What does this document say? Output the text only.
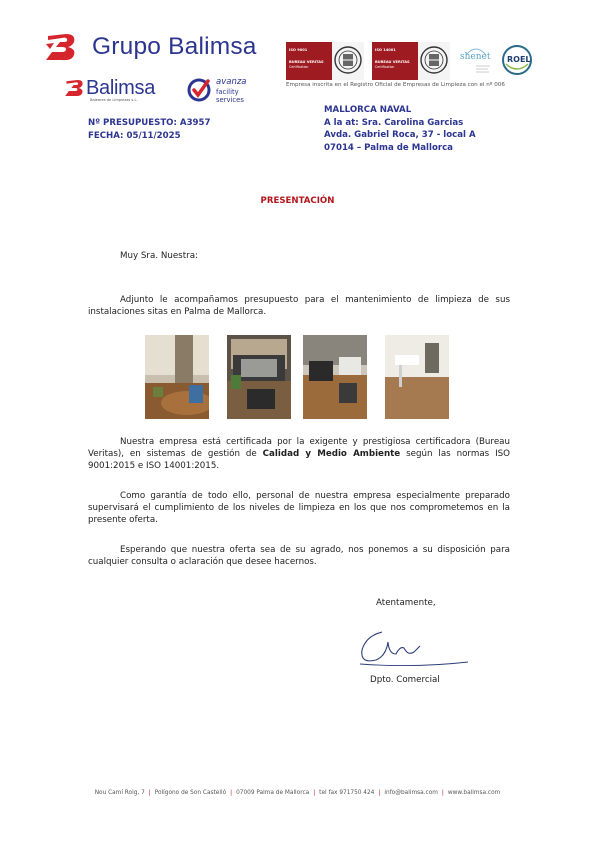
Grupo Balimsa
Balimsa
Baleares de Limpiezas s.L.
avanza
facility services
ISO 9001
BUREAU VERITAS
Certification
ISO 14001
BUREAU VERITAS
Certification
shenet ROEL
Empresa inscrita en el Registro Oficial de Empresas de Limpieza con el nº 006
Nº PRESUPUESTO: A3957
FECHA: 05/11/2025
MALLORCA NAVAL
A la at: Sra. Carolina Garcias
Avda. Gabriel Roca, 37 - local A
07014 – Palma de Mallorca
PRESENTACIÓN
Muy Sra. Nuestra:
Adjunto le acompañamos presupuesto para el mantenimiento de limpieza de sus instalaciones sitas en Palma de Mallorca.
Nuestra empresa está certificada por la exigente y prestigiosa certificadora (Bureau Veritas), en sistemas de gestión de Calidad y Medio Ambiente según las normas ISO 9001:2015 e ISO 14001:2015.
Como garantía de todo ello, personal de nuestra empresa especialmente preparado supervisará el cumplimiento de los niveles de limpieza en los que nos comprometemos en la presente oferta.
Esperando que nuestra oferta sea de su agrado, nos ponemos a su disposición para cualquier consulta o aclaración que desee hacernos.
Atentamente,
Dpto. Comercial
Nou Camí Roig, 7 | Polígono de Son Castelló | 07009 Palma de Mallorca | tel fax 971750 424 | info@balimsa.com | www.balimsa.com
